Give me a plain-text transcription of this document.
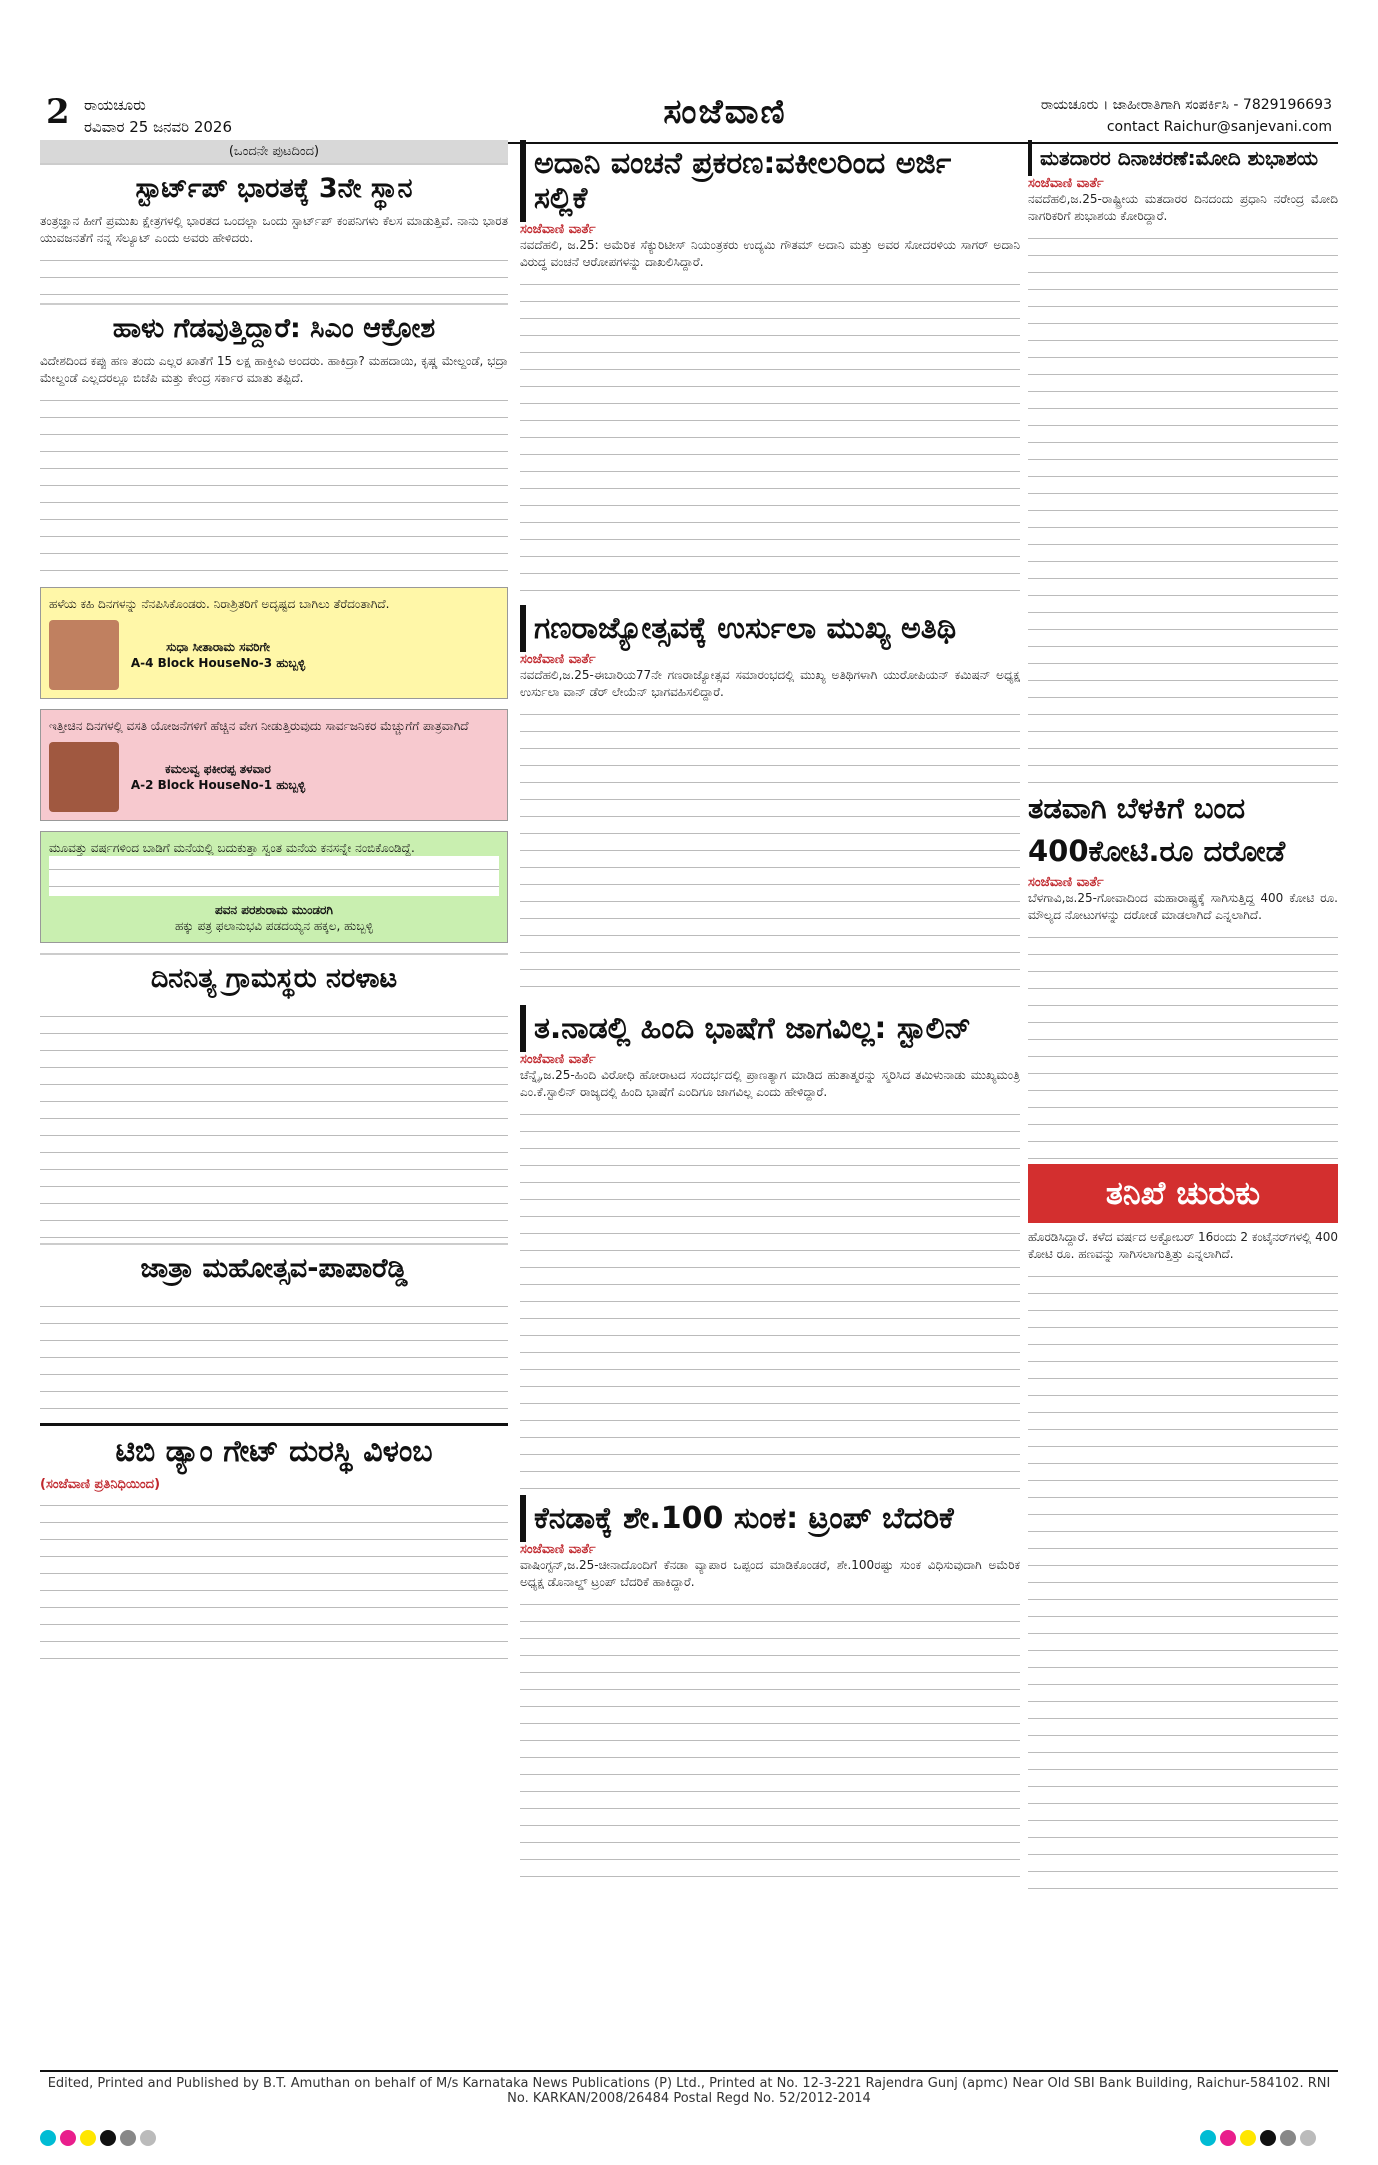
2 ರಾಯಚೂರು
ರವಿವಾರ 25 ಜನವರಿ 2026	ಸಂಜೆವಾಣಿ	ರಾಯಚೂರು । ಜಾಹೀರಾತಿಗಾಗಿ ಸಂಪರ್ಕಿಸಿ - 7829196693
contact Raichur@sanjevani.com
(ಒಂದನೇ ಪುಟದಿಂದ)
ಸ್ಟಾರ್ಟ್‌ಪ್ ಭಾರತಕ್ಕೆ 3ನೇ ಸ್ಥಾನ
ತಂತ್ರಜ್ಞಾನ ಹೀಗೆ ಪ್ರಮುಖ ಕ್ಷೇತ್ರಗಳಲ್ಲಿ ಭಾರತದ ಒಂದಲ್ಲಾ ಒಂದು ಸ್ಟಾರ್ಟ್‌ಪ್ ಕಂಪನಿಗಳು ಕೆಲಸ ಮಾಡುತ್ತಿವೆ. ನಾನು ಭಾರತ ಯುವಜನತೆಗೆ ನನ್ನ ಸೆಲ್ಯೂಟ್ ಎಂದು ಅವರು ಹೇಳಿದರು.
ಹಾಳು ಗೆಡವುತ್ತಿದ್ದಾರೆ: ಸಿಎಂ ಆಕ್ರೋಶ
ವಿದೇಶದಿಂದ ಕಪ್ಪು ಹಣ ತಂದು ಎಲ್ಲರ ಖಾತೆಗೆ 15 ಲಕ್ಷ ಹಾಕ್ತೀವಿ ಅಂದರು. ಹಾಕಿದ್ರಾ? ಮಹದಾಯಿ, ಕೃಷ್ಣ ಮೇಲ್ದಂಡೆ, ಭದ್ರಾ ಮೇಲ್ದಂಡೆ ಎಲ್ಲದರಲ್ಲೂ ಬಿಜೆಪಿ ಮತ್ತು ಕೇಂದ್ರ ಸರ್ಕಾರ ಮಾತು ತಪ್ಪಿದೆ.
ಹಳೆಯ ಕಹಿ ದಿನಗಳನ್ನು ನೆನಪಿಸಿಕೊಂಡರು. ನಿರಾಶ್ರಿತರಿಗೆ ಅದೃಷ್ಟದ ಬಾಗಿಲು ತೆರೆದಂತಾಗಿದೆ.

ಸುಧಾ ಸೀತಾರಾಮ ಸವರಿಗೇ
A-4 Block HouseNo-3 ಹುಬ್ಬಳ್ಳಿ
ಇತ್ತೀಚಿನ ದಿನಗಳಲ್ಲಿ ವಸತಿ ಯೋಜನೆಗಳಿಗೆ ಹೆಚ್ಚಿನ ವೇಗ ನೀಡುತ್ತಿರುವುದು ಸಾರ್ವಜನಿಕರ ಮೆಚ್ಚುಗೆಗೆ ಪಾತ್ರವಾಗಿದೆ

ಕಮಲವ್ವ ಫಕೀರಪ್ಪ ತಳವಾರ
A-2 Block HouseNo-1 ಹುಬ್ಬಳ್ಳಿ
ಮೂವತ್ತು ವರ್ಷಗಳಿಂದ ಬಾಡಿಗೆ ಮನೆಯಲ್ಲಿ ಬದುಕುತ್ತಾ ಸ್ವಂತ ಮನೆಯ ಕನಸನ್ನೇ ನಂಬಿಕೊಂಡಿದ್ದೆ.
ಪವನ ಪರಶುರಾಮ ಮುಂಡರಗಿ
ಹಕ್ಕು ಪತ್ರ ಫಲಾನುಭವಿ ಪಡದಯ್ಯನ ಹಕ್ಕಲ, ಹುಬ್ಬಳ್ಳಿ
ದಿನನಿತ್ಯ ಗ್ರಾಮಸ್ಥರು ನರಳಾಟ
ಜಾತ್ರಾ ಮಹೋತ್ಸವ-ಪಾಪಾರೆಡ್ಡಿ
ಟಿಬಿ ಡ್ಯಾಂ ಗೇಟ್ ದುರಸ್ಥಿ ವಿಳಂಬ
(ಸಂಜೆವಾಣಿ ಪ್ರತಿನಿಧಿಯಿಂದ)
ಅದಾನಿ ವಂಚನೆ ಪ್ರಕರಣ:ವಕೀಲರಿಂದ ಅರ್ಜಿ ಸಲ್ಲಿಕೆ
ಸಂಜೆವಾಣಿ ವಾರ್ತೆ
ನವದೆಹಲಿ, ಜ.25: ಅಮೆರಿಕ ಸೆಕ್ಯುರಿಟೀಸ್ ನಿಯಂತ್ರಕರು ಉದ್ಯಮಿ ಗೌತಮ್ ಅದಾನಿ ಮತ್ತು ಅವರ ಸೋದರಳಿಯ ಸಾಗರ್ ಅದಾನಿ ವಿರುದ್ಧ ವಂಚನೆ ಆರೋಪಗಳನ್ನು ದಾಖಲಿಸಿದ್ದಾರೆ.
ಗಣರಾಜ್ಯೋತ್ಸವಕ್ಕೆ ಉರ್ಸುಲಾ ಮುಖ್ಯ ಅತಿಥಿ
ಸಂಜೆವಾಣಿ ವಾರ್ತೆ
ನವದೆಹಲಿ,ಜ.25-ಈಬಾರಿಯ77ನೇ ಗಣರಾಜ್ಯೋತ್ಸವ ಸಮಾರಂಭದಲ್ಲಿ ಮುಖ್ಯ ಅತಿಥಿಗಳಾಗಿ ಯುರೋಪಿಯನ್ ಕಮಿಷನ್ ಅಧ್ಯಕ್ಷ ಉರ್ಸುಲಾ ವಾನ್ ಡೆರ್ ಲೇಯೆನ್ ಭಾಗವಹಿಸಲಿದ್ದಾರೆ.
ತ.ನಾಡಲ್ಲಿ ಹಿಂದಿ ಭಾಷೆಗೆ ಜಾಗವಿಲ್ಲ: ಸ್ಟಾಲಿನ್
ಸಂಜೆವಾಣಿ ವಾರ್ತೆ
ಚೆನ್ನೈ,ಜ.25-ಹಿಂದಿ ವಿರೋಧಿ ಹೋರಾಟದ ಸಂದರ್ಭದಲ್ಲಿ ಪ್ರಾಣತ್ಯಾಗ ಮಾಡಿದ ಹುತಾತ್ಮರನ್ನು ಸ್ಮರಿಸಿದ ತಮಿಳುನಾಡು ಮುಖ್ಯಮಂತ್ರಿ ಎಂ.ಕೆ.ಸ್ಟಾಲಿನ್ ರಾಜ್ಯದಲ್ಲಿ ಹಿಂದಿ ಭಾಷೆಗೆ ಎಂದಿಗೂ ಜಾಗವಿಲ್ಲ ಎಂದು ಹೇಳಿದ್ದಾರೆ.
ಕೆನಡಾಕ್ಕೆ ಶೇ.100 ಸುಂಕ: ಟ್ರಂಪ್ ಬೆದರಿಕೆ
ಸಂಜೆವಾಣಿ ವಾರ್ತೆ
ವಾಷಿಂಗ್ಟನ್,ಜ.25-ಚೀನಾದೊಂದಿಗೆ ಕೆನಡಾ ವ್ಯಾಪಾರ ಒಪ್ಪಂದ ಮಾಡಿಕೊಂಡರೆ, ಶೇ.100ರಷ್ಟು ಸುಂಕ ವಿಧಿಸುವುದಾಗಿ ಅಮೆರಿಕ ಅಧ್ಯಕ್ಷ ಡೊನಾಲ್ಡ್ ಟ್ರಂಪ್ ಬೆದರಿಕೆ ಹಾಕಿದ್ದಾರೆ.
ಮತದಾರರ ದಿನಾಚರಣೆ:ಮೋದಿ ಶುಭಾಶಯ
ಸಂಜೆವಾಣಿ ವಾರ್ತೆ
ನವದೆಹಲಿ,ಜ.25-ರಾಷ್ಟ್ರೀಯ ಮತದಾರರ ದಿನದಂದು ಪ್ರಧಾನಿ ನರೇಂದ್ರ ಮೋದಿ ನಾಗರಿಕರಿಗೆ ಶುಭಾಶಯ ಕೋರಿದ್ದಾರೆ.
ತಡವಾಗಿ ಬೆಳಕಿಗೆ ಬಂದ
400ಕೋಟಿ.ರೂ ದರೋಡೆ
ಸಂಜೆವಾಣಿ ವಾರ್ತೆ
ಬೆಳಗಾವಿ,ಜ.25-ಗೋವಾದಿಂದ ಮಹಾರಾಷ್ಟ್ರಕ್ಕೆ ಸಾಗಿಸುತ್ತಿದ್ದ 400 ಕೋಟಿ ರೂ. ಮೌಲ್ಯದ ನೋಟುಗಳನ್ನು ದರೋಡೆ ಮಾಡಲಾಗಿದೆ ಎನ್ನಲಾಗಿದೆ.
ತನಿಖೆ ಚುರುಕು
ಹೊರಡಿಸಿದ್ದಾರೆ. ಕಳೆದ ವರ್ಷದ ಅಕ್ಟೋಬರ್ 16ರಂದು 2 ಕಂಟೈನರ್‌ಗಳಲ್ಲಿ 400 ಕೋಟಿ ರೂ. ಹಣವನ್ನು ಸಾಗಿಸಲಾಗುತ್ತಿತ್ತು ಎನ್ನಲಾಗಿದೆ.
Edited, Printed and Published by B.T. Amuthan on behalf of M/s Karnataka News Publications (P) Ltd., Printed at No. 12-3-221 Rajendra Gunj (apmc) Near Old SBI Bank Building, Raichur-584102. RNI No. KARKAN/2008/26484 Postal Regd No. 52/2012-2014
